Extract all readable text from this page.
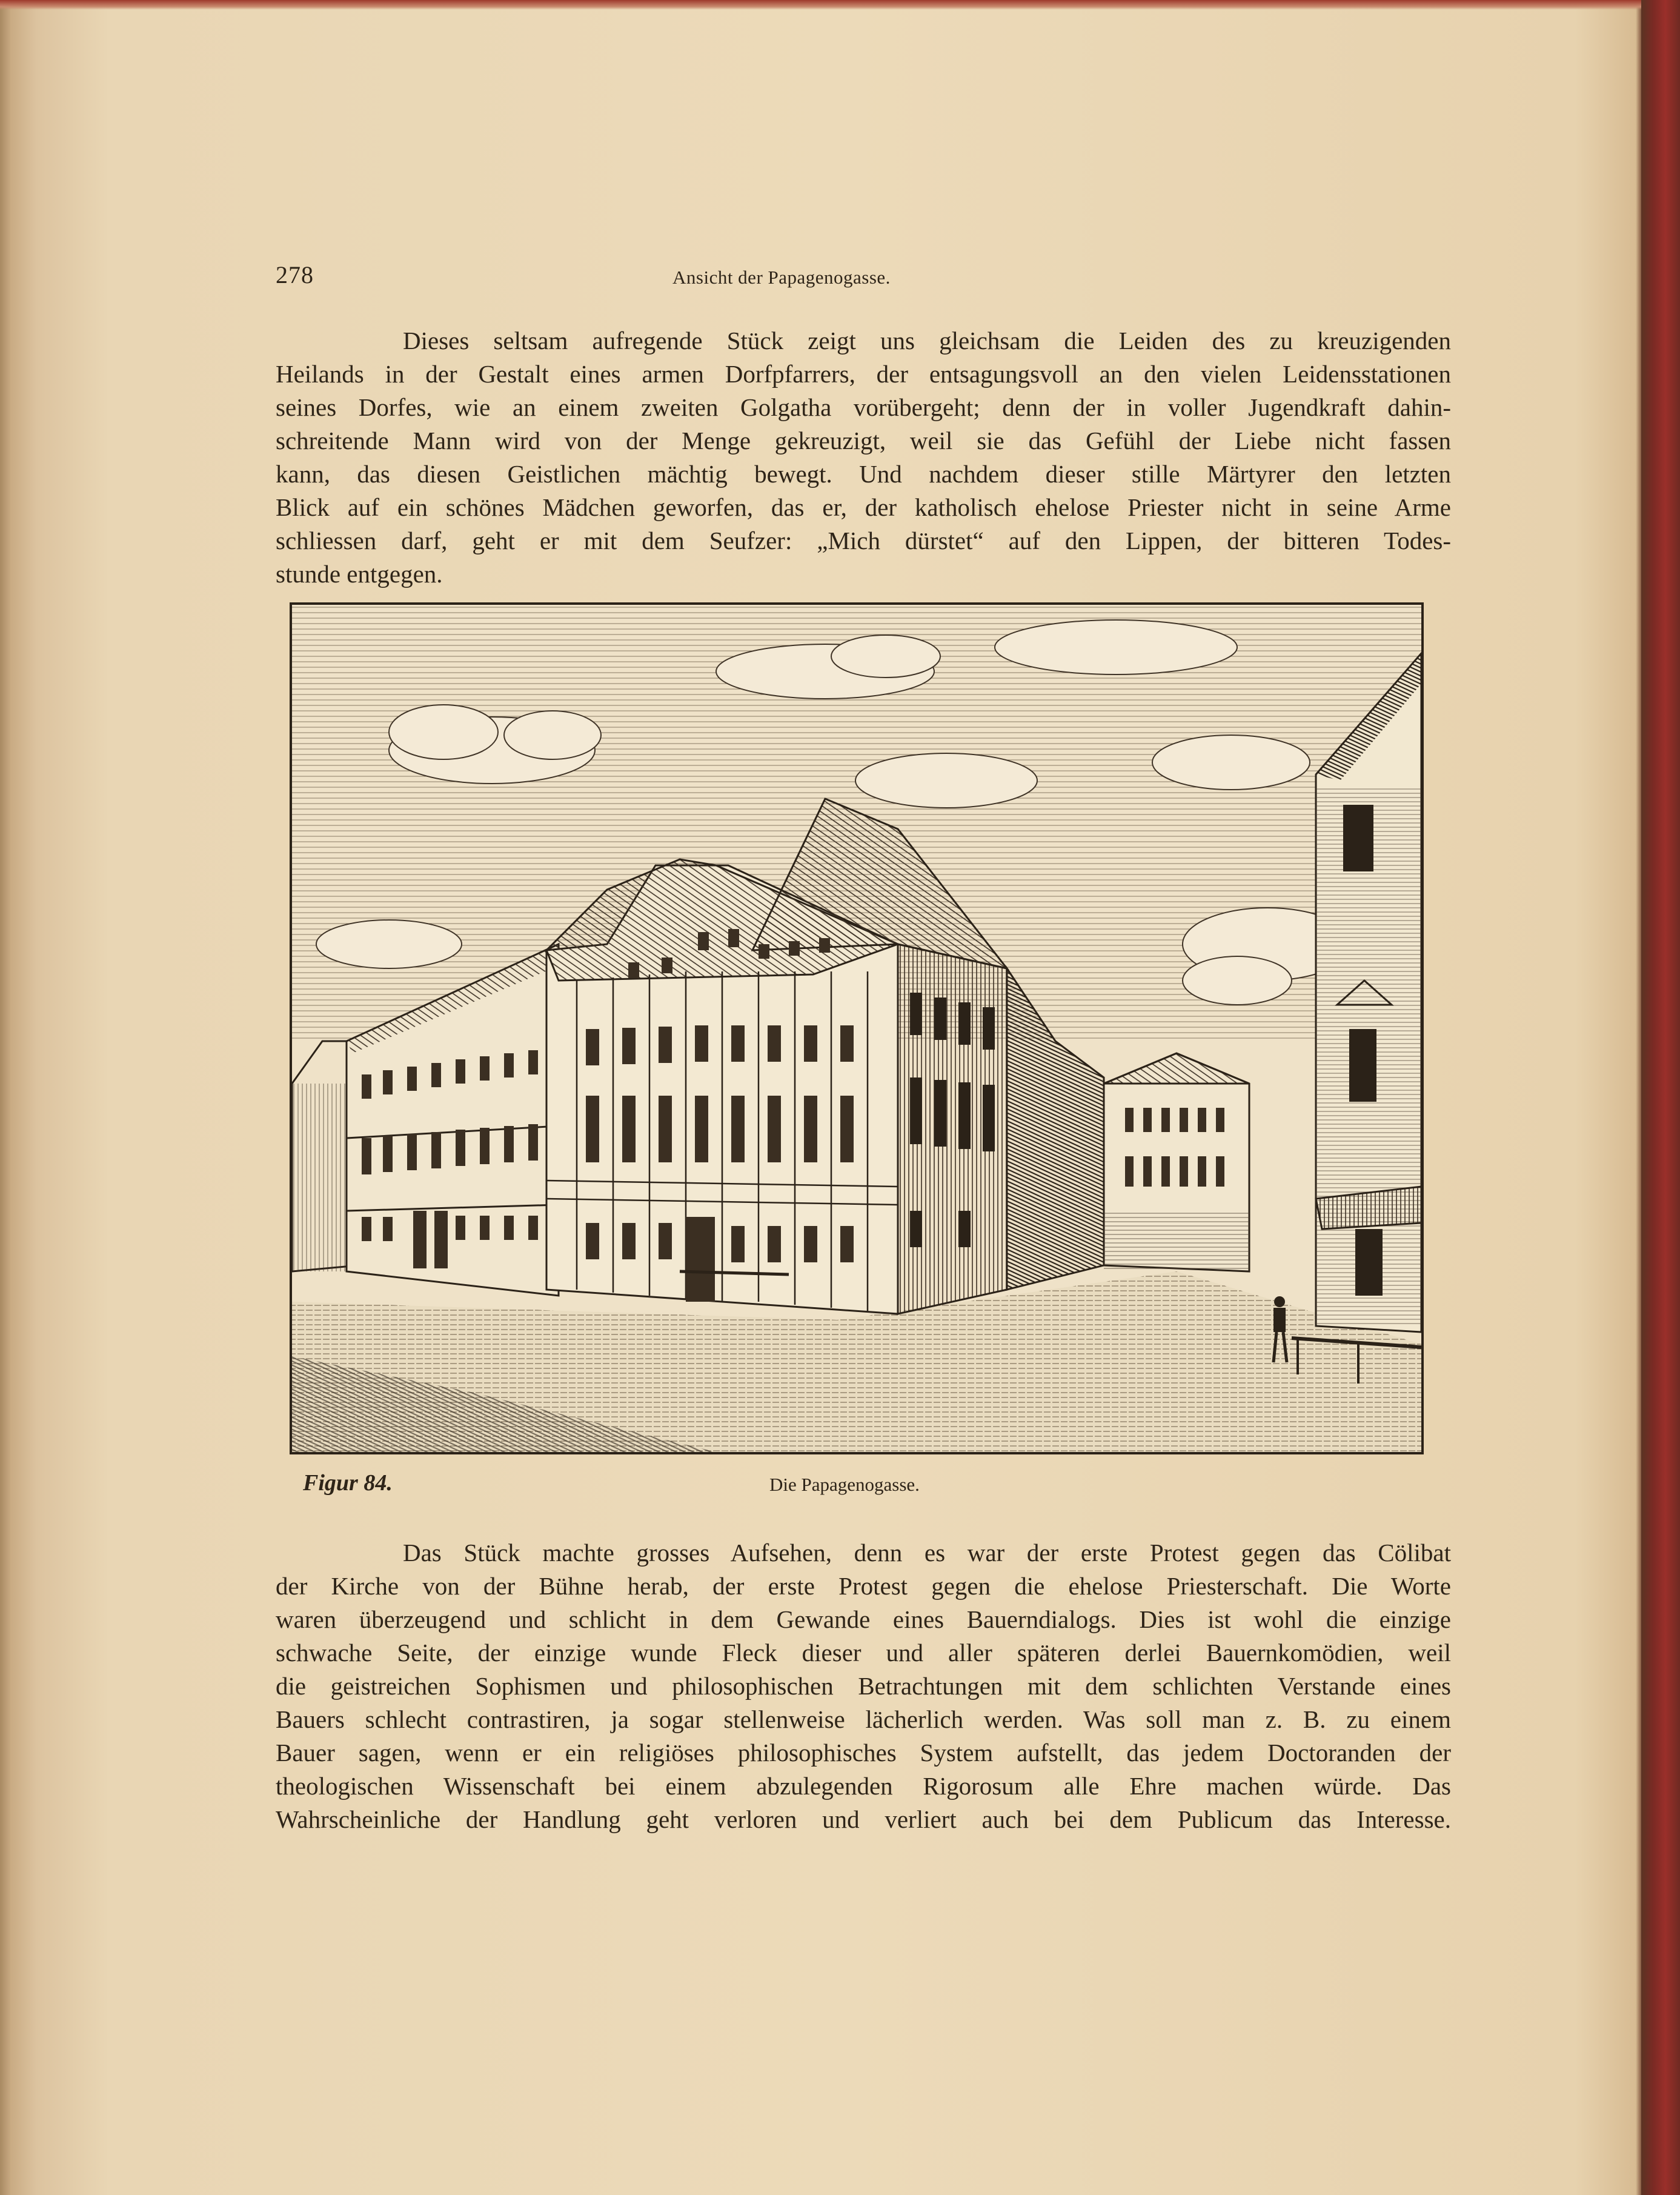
278	Ansicht der Papagenogasse.
Dieses seltsam aufregende Stück zeigt uns gleichsam die Leiden des zu kreuzigenden
Heilands in der Gestalt eines armen Dorfpfarrers, der entsagungsvoll an den vielen Leidensstationen
seines Dorfes, wie an einem zweiten Golgatha vorübergeht; denn der in voller Jugendkraft dahin-
schreitende Mann wird von der Menge gekreuzigt, weil sie das Gefühl der Liebe nicht fassen
kann, das diesen Geistlichen mächtig bewegt. Und nachdem dieser stille Märtyrer den letzten
Blick auf ein schönes Mädchen geworfen, das er, der katholisch ehelose Priester nicht in seine Arme
schliessen darf, geht er mit dem Seufzer: „Mich dürstet“ auf den Lippen, der bitteren Todes-
stunde entgegen.
Figur 84.	Die Papagenogasse.
Das Stück machte grosses Aufsehen, denn es war der erste Protest gegen das Cölibat
der Kirche von der Bühne herab, der erste Protest gegen die ehelose Priesterschaft. Die Worte
waren überzeugend und schlicht in dem Gewande eines Bauerndialogs. Dies ist wohl die einzige
schwache Seite, der einzige wunde Fleck dieser und aller späteren derlei Bauernkomödien, weil
die geistreichen Sophismen und philosophischen Betrachtungen mit dem schlichten Verstande eines
Bauers schlecht contrastiren, ja sogar stellenweise lächerlich werden. Was soll man z. B. zu einem
Bauer sagen, wenn er ein religiöses philosophisches System aufstellt, das jedem Doctoranden der
theologischen Wissenschaft bei einem abzulegenden Rigorosum alle Ehre machen würde. Das
Wahrscheinliche der Handlung geht verloren und verliert auch bei dem Publicum das Interesse.
